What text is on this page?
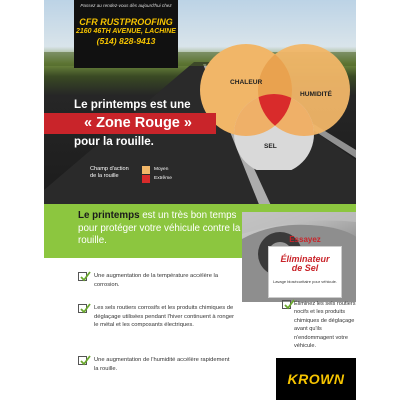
Passez au rendez-vous dès aujourd'hui chez
CFR RUSTPROOFING
2160 46TH AVENUE, LACHINE
(514) 828-9413
CHALEUR
HUMIDITÉ
SEL
Le printemps est une
« Zone Rouge »
pour la rouille.
Champ d'action
de la rouille
Moyen
Extrême
Le printemps est un très bon temps pour protéger votre véhicule contre la rouille.
Une augmentation de la température accélère la corrosion.
Les sels routiers corrosifs et les produits chimiques de déglaçage utilisées pendant l'hiver continuent à ronger le métal et les composants électriques.
Une augmentation de l'humidité accélère rapidement la rouille.
Essayez
Éliminateur
de Sel
Lavage biosécuritaire pour véhicule.
Éliminez les sels routiers nocifs et les produits chimiques de déglaçage avant qu'ils n'endommagent votre véhicule.
KROWN
